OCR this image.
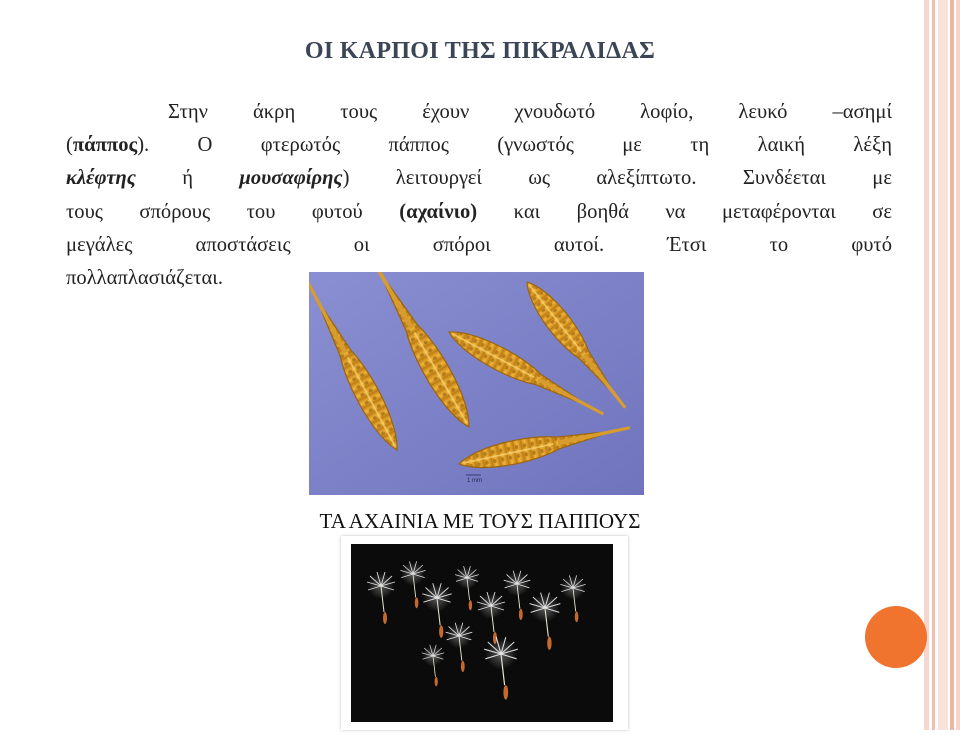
ΟΙ ΚΑΡΠΟΙ ΤΗΣ ΠΙΚΡΑΛΙΔΑΣ
Στην άκρη τους έχουν χνουδωτό λοφίο, λευκό –ασημί
(πάππος). Ο φτερωτός πάππος (γνωστός με τη λαική λέξη
κλέφτης ή μουσαφίρης) λειτουργεί ως αλεξίπτωτο. Συνδέεται με
τους σπόρους του φυτού (αχαίνιο) και βοηθά να μεταφέρονται σε
μεγάλες αποστάσεις οι σπόροι αυτοί. Έτσι το φυτό
πολλαπλασιάζεται.
1 mm
ΤΑ ΑΧΑΙΝΙΑ ΜΕ ΤΟΥΣ ΠΑΠΠΟΥΣ
